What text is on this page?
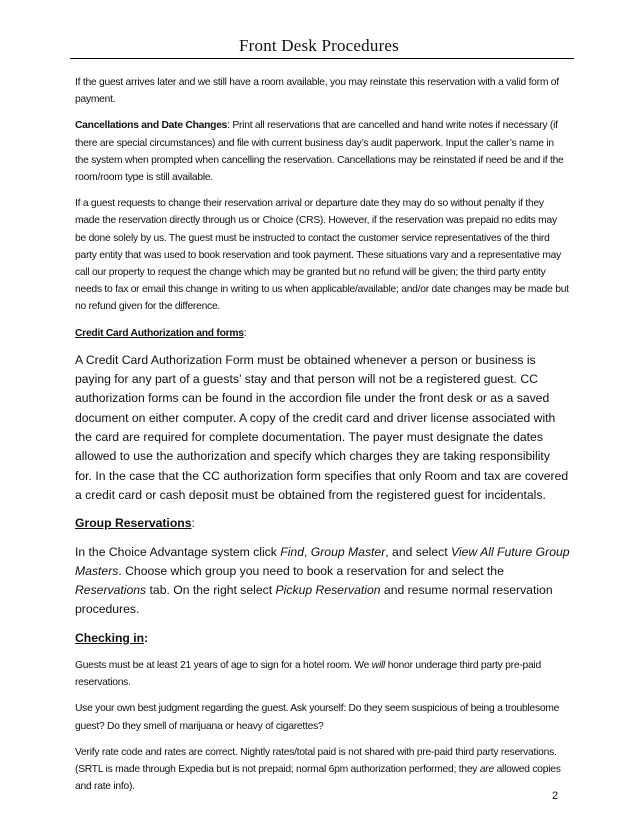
Front Desk Procedures

If the guest arrives later and we still have a room available, you may reinstate this reservation with a valid form of payment.

Cancellations and Date Changes: Print all reservations that are cancelled and hand write notes if necessary (if there are special circumstances) and file with current business day’s audit paperwork. Input the caller’s name in the system when prompted when cancelling the reservation. Cancellations may be reinstated if need be and if the room/room type is still available.

If a guest requests to change their reservation arrival or departure date they may do so without penalty if they made the reservation directly through us or Choice (CRS). However, if the reservation was prepaid no edits may be done solely by us. The guest must be instructed to contact the customer service representatives of the third party entity that was used to book reservation and took payment. These situations vary and a representative may call our property to request the change which may be granted but no refund will be given; the third party entity needs to fax or email this change in writing to us when applicable/available; and/or date changes may be made but no refund given for the difference.

Credit Card Authorization and forms:

A Credit Card Authorization Form must be obtained whenever a person or business is paying for any part of a guests’ stay and that person will not be a registered guest. CC authorization forms can be found in the accordion file under the front desk or as a saved document on either computer. A copy of the credit card and driver license associated with the card are required for complete documentation. The payer must designate the dates allowed to use the authorization and specify which charges they are taking responsibility for. In the case that the CC authorization form specifies that only Room and tax are covered a credit card or cash deposit must be obtained from the registered guest for incidentals.

Group Reservations:

In the Choice Advantage system click Find, Group Master, and select View All Future Group Masters. Choose which group you need to book a reservation for and select the Reservations tab. On the right select Pickup Reservation and resume normal reservation procedures.

Checking in:

Guests must be at least 21 years of age to sign for a hotel room. We will honor underage third party pre-paid reservations.

Use your own best judgment regarding the guest. Ask yourself: Do they seem suspicious of being a troublesome guest? Do they smell of marijuana or heavy of cigarettes?

Verify rate code and rates are correct. Nightly rates/total paid is not shared with pre-paid third party reservations. (SRTL is made through Expedia but is not prepaid; normal 6pm authorization performed; they are allowed copies and rate info).

2
